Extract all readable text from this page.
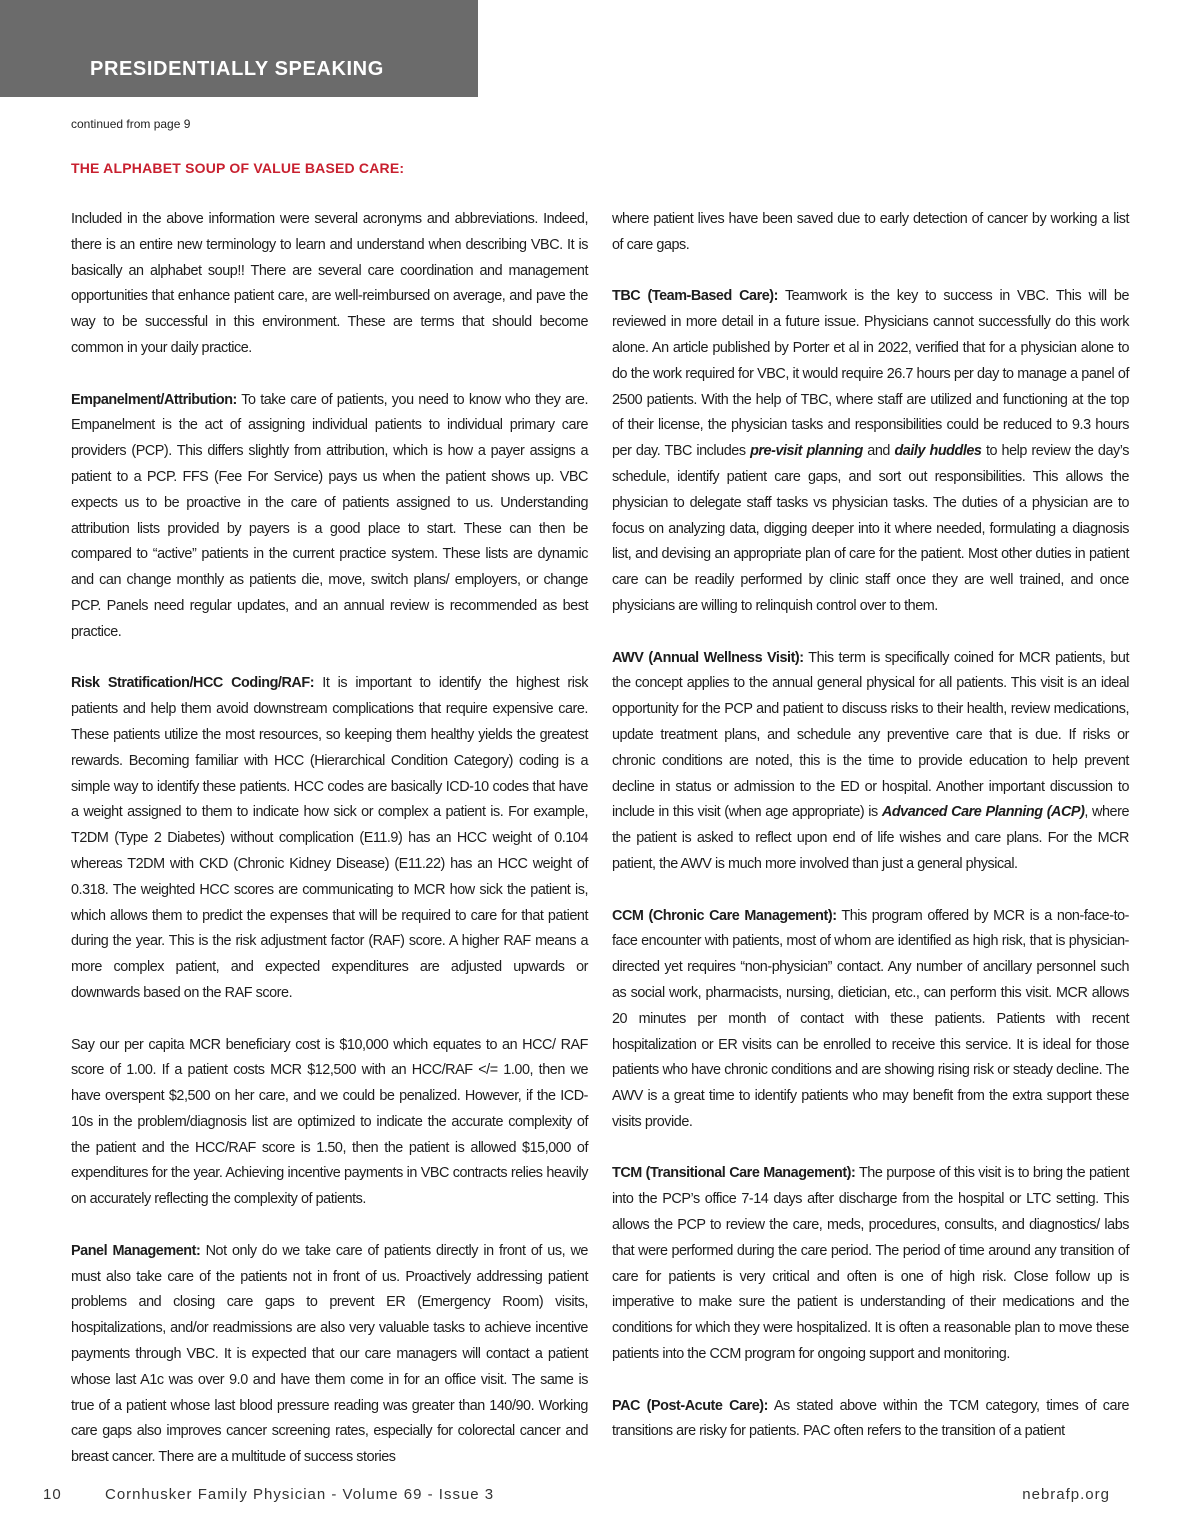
PRESIDENTIALLY SPEAKING
continued from page 9
THE ALPHABET SOUP OF VALUE BASED CARE:

Included in the above information were several acronyms and abbreviations. Indeed, there is an entire new terminology to learn and understand when describing VBC. It is basically an alphabet soup!! There are several care coordination and management opportunities that enhance patient care, are well-reimbursed on average, and pave the way to be successful in this environment. These are terms that should become common in your daily practice.

Empanelment/Attribution: To take care of patients, you need to know who they are. Empanelment is the act of assigning individual patients to individual primary care providers (PCP). This differs slightly from attribution, which is how a payer assigns a patient to a PCP. FFS (Fee For Service) pays us when the patient shows up. VBC expects us to be proactive in the care of patients assigned to us. Understanding attribution lists provided by payers is a good place to start. These can then be compared to “active” patients in the current practice system. These lists are dynamic and can change monthly as patients die, move, switch plans/ employers, or change PCP. Panels need regular updates, and an annual review is recommended as best practice.

Risk Stratification/HCC Coding/RAF: It is important to identify the highest risk patients and help them avoid downstream complications that require expensive care. These patients utilize the most resources, so keeping them healthy yields the greatest rewards. Becoming familiar with HCC (Hierarchical Condition Category) coding is a simple way to identify these patients. HCC codes are basically ICD-10 codes that have a weight assigned to them to indicate how sick or complex a patient is. For example, T2DM (Type 2 Diabetes) without complication (E11.9) has an HCC weight of 0.104 whereas T2DM with CKD (Chronic Kidney Disease) (E11.22) has an HCC weight of 0.318. The weighted HCC scores are communicating to MCR how sick the patient is, which allows them to predict the expenses that will be required to care for that patient during the year. This is the risk adjustment factor (RAF) score. A higher RAF means a more complex patient, and expected expenditures are adjusted upwards or downwards based on the RAF score.

Say our per capita MCR beneficiary cost is $10,000 which equates to an HCC/ RAF score of 1.00. If a patient costs MCR $12,500 with an HCC/RAF </= 1.00, then we have overspent $2,500 on her care, and we could be penalized. However, if the ICD-10s in the problem/diagnosis list are optimized to indicate the accurate complexity of the patient and the HCC/RAF score is 1.50, then the patient is allowed $15,000 of expenditures for the year. Achieving incentive payments in VBC contracts relies heavily on accurately reflecting the complexity of patients.

Panel Management: Not only do we take care of patients directly in front of us, we must also take care of the patients not in front of us. Proactively addressing patient problems and closing care gaps to prevent ER (Emergency Room) visits, hospitalizations, and/or readmissions are also very valuable tasks to achieve incentive payments through VBC. It is expected that our care managers will contact a patient whose last A1c was over 9.0 and have them come in for an office visit. The same is true of a patient whose last blood pressure reading was greater than 140/90. Working care gaps also improves cancer screening rates, especially for colorectal cancer and breast cancer. There are a multitude of success stories

where patient lives have been saved due to early detection of cancer by working a list of care gaps.

TBC (Team-Based Care): Teamwork is the key to success in VBC. This will be reviewed in more detail in a future issue. Physicians cannot successfully do this work alone. An article published by Porter et al in 2022, verified that for a physician alone to do the work required for VBC, it would require 26.7 hours per day to manage a panel of 2500 patients. With the help of TBC, where staff are utilized and functioning at the top of their license, the physician tasks and responsibilities could be reduced to 9.3 hours per day. TBC includes pre-visit planning and daily huddles to help review the day’s schedule, identify patient care gaps, and sort out responsibilities. This allows the physician to delegate staff tasks vs physician tasks. The duties of a physician are to focus on analyzing data, digging deeper into it where needed, formulating a diagnosis list, and devising an appropriate plan of care for the patient. Most other duties in patient care can be readily performed by clinic staff once they are well trained, and once physicians are willing to relinquish control over to them.

AWV (Annual Wellness Visit): This term is specifically coined for MCR patients, but the concept applies to the annual general physical for all patients. This visit is an ideal opportunity for the PCP and patient to discuss risks to their health, review medications, update treatment plans, and schedule any preventive care that is due. If risks or chronic conditions are noted, this is the time to provide education to help prevent decline in status or admission to the ED or hospital. Another important discussion to include in this visit (when age appropriate) is Advanced Care Planning (ACP), where the patient is asked to reflect upon end of life wishes and care plans. For the MCR patient, the AWV is much more involved than just a general physical.

CCM (Chronic Care Management): This program offered by MCR is a non-face-to-face encounter with patients, most of whom are identified as high risk, that is physician-directed yet requires “non-physician” contact. Any number of ancillary personnel such as social work, pharmacists, nursing, dietician, etc., can perform this visit. MCR allows 20 minutes per month of contact with these patients. Patients with recent hospitalization or ER visits can be enrolled to receive this service. It is ideal for those patients who have chronic conditions and are showing rising risk or steady decline. The AWV is a great time to identify patients who may benefit from the extra support these visits provide.

TCM (Transitional Care Management): The purpose of this visit is to bring the patient into the PCP’s office 7-14 days after discharge from the hospital or LTC setting. This allows the PCP to review the care, meds, procedures, consults, and diagnostics/ labs that were performed during the care period. The period of time around any transition of care for patients is very critical and often is one of high risk. Close follow up is imperative to make sure the patient is understanding of their medications and the conditions for which they were hospitalized. It is often a reasonable plan to move these patients into the CCM program for ongoing support and monitoring.

PAC (Post-Acute Care): As stated above within the TCM category, times of care transitions are risky for patients. PAC often refers to the transition of a patient

10	Cornhusker Family Physician - Volume 69 - Issue 3	nebrafp.org
